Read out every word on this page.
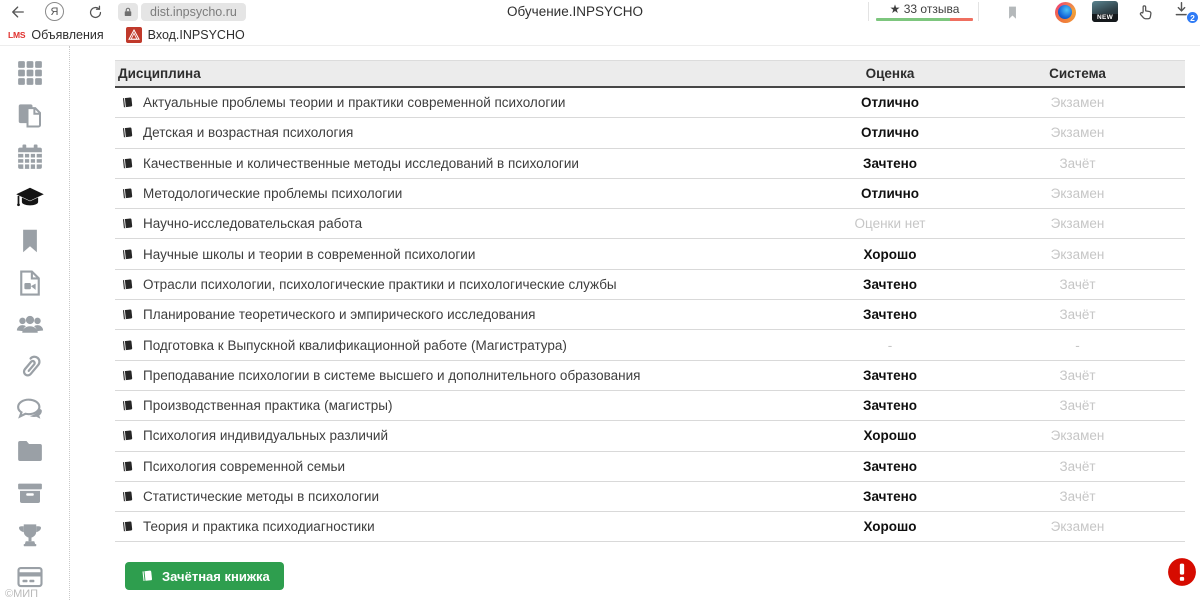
Я	dist.inpsycho.ru	Обучение.INPSYCHO	★ 33 отзыва
NEW	2
LMS Объявления	Вход.INPSYCHO
Дисциплина	Оценка	Система
Актуальные проблемы теории и практики современной психологии	Отлично	Экзамен
Детская и возрастная психология	Отлично	Экзамен
Качественные и количественные методы исследований в психологии	Зачтено	Зачёт
Методологические проблемы психологии	Отлично	Экзамен
Научно-исследовательская работа	Оценки нет	Экзамен
Научные школы и теории в современной психологии	Хорошо	Экзамен
Отрасли психологии, психологические практики и психологические службы	Зачтено	Зачёт
Планирование теоретического и эмпирического исследования	Зачтено	Зачёт
Подготовка к Выпускной квалификационной работе (Магистратура)	-	-
Преподавание психологии в системе высшего и дополнительного образования	Зачтено	Зачёт
Производственная практика (магистры)	Зачтено	Зачёт
Психология индивидуальных различий	Хорошо	Экзамен
Психология современной семьи	Зачтено	Зачёт
Статистические методы в психологии	Зачтено	Зачёт
Теория и практика психодиагностики	Хорошо	Экзамен
Зачётная книжка
©МИП
